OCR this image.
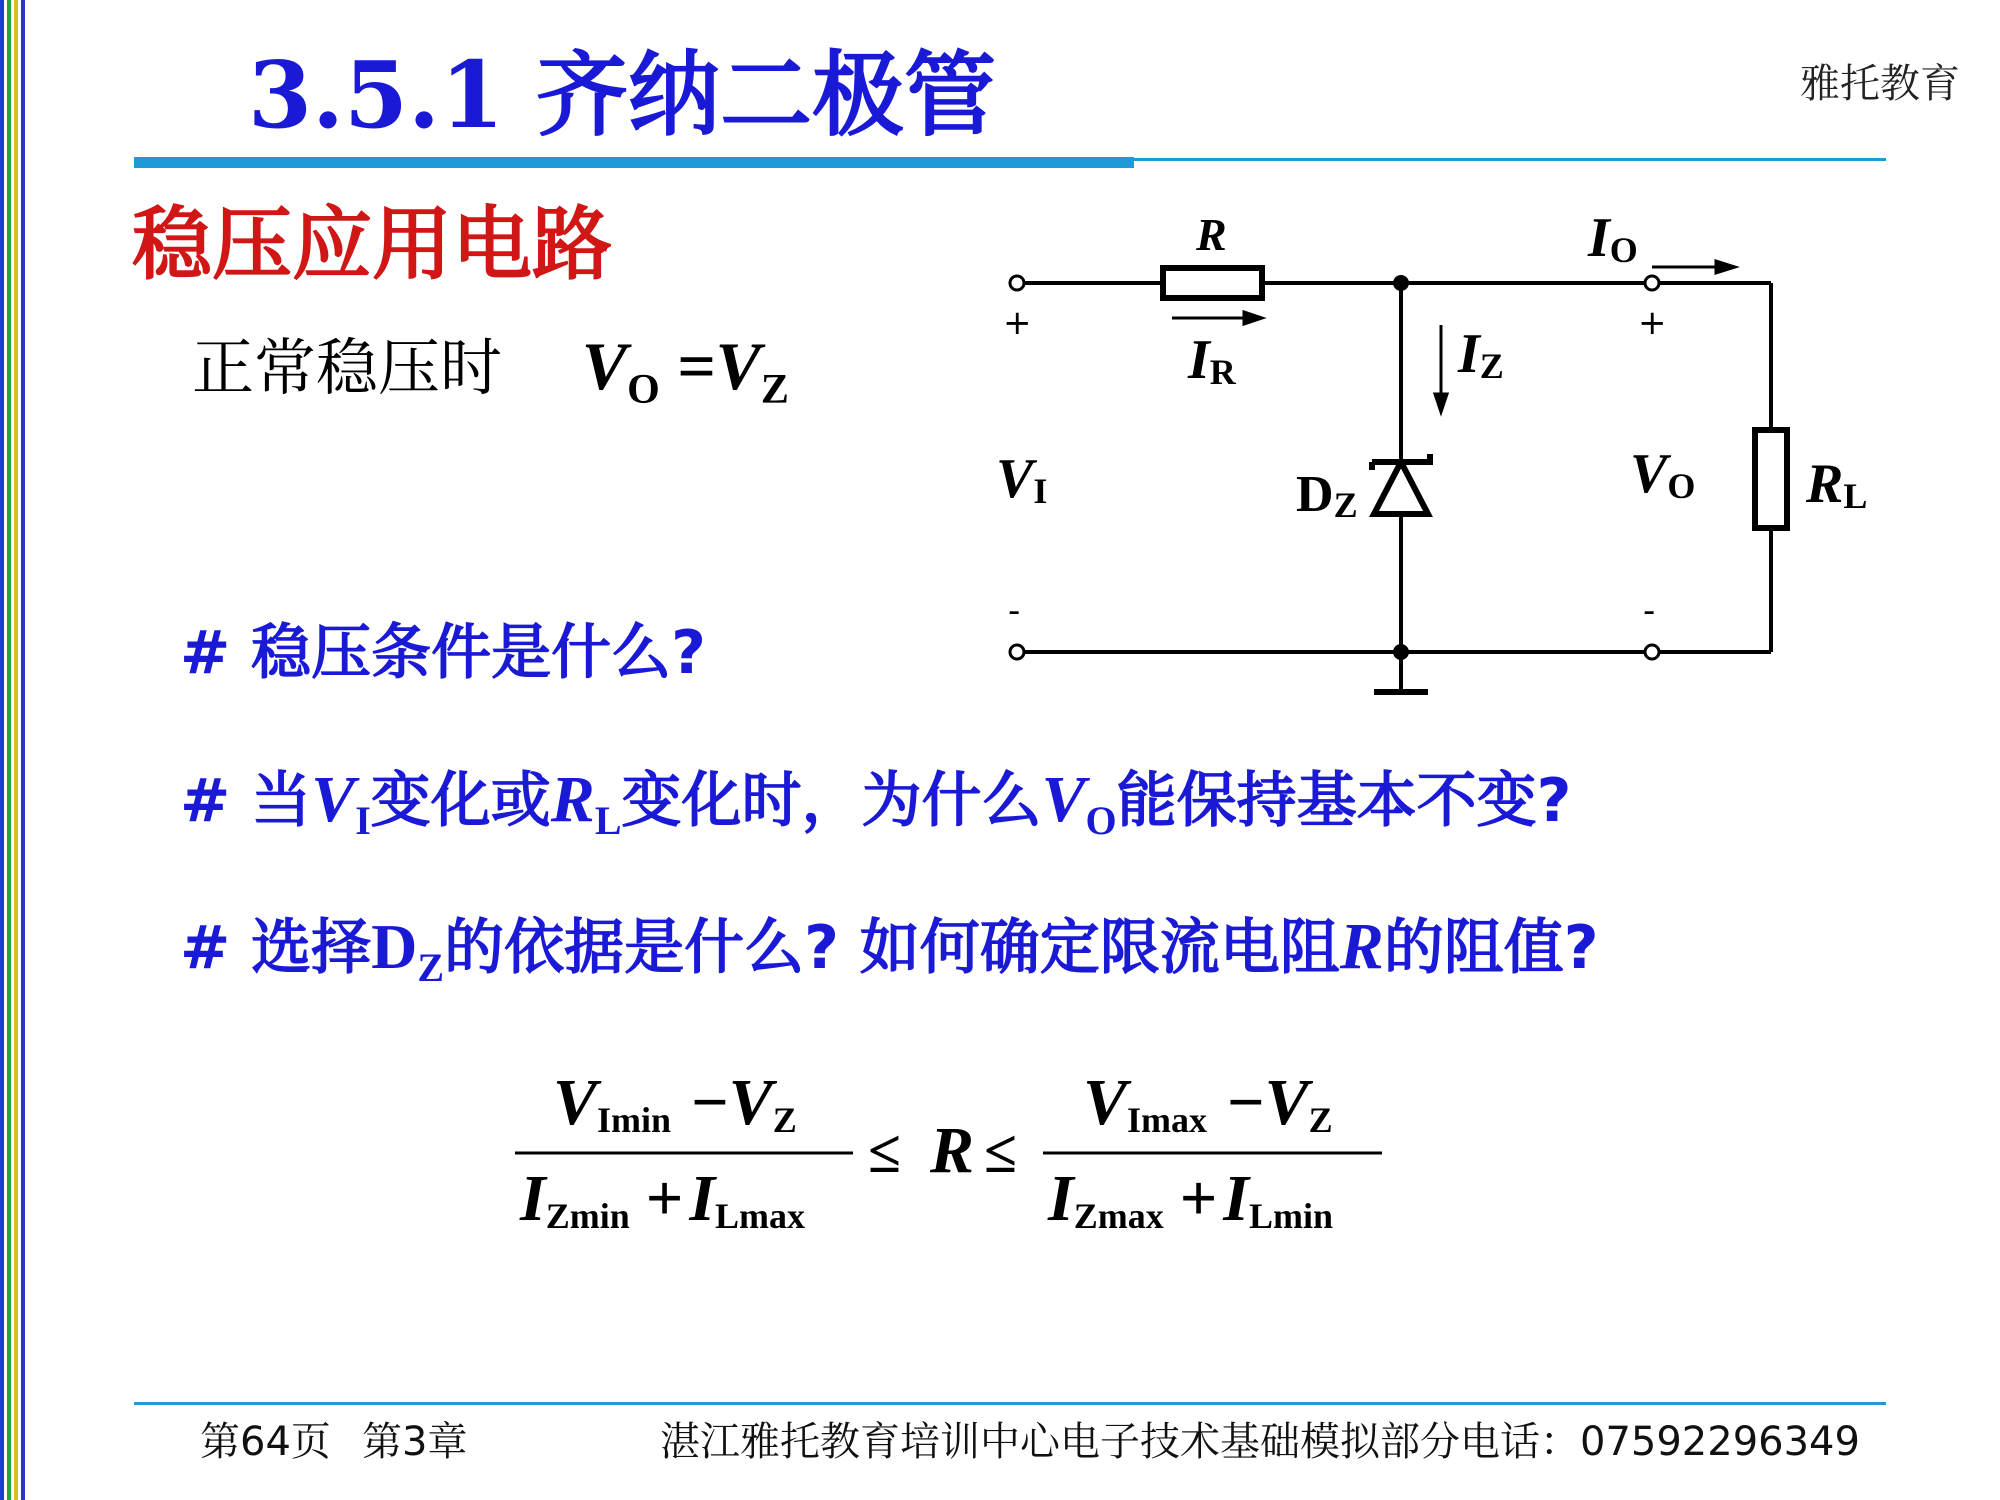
3.5.1 齐纳二极管	雅托教育
稳压应用电路
正常稳压时 $V_O =V_Z$
R
IR
IO
IZ
VI	DZ	VO RL
+	+
-	-
# 稳压条件是什么?
# 当$V_I$变化或$R_L$变化时，为什么$V_O$能保持基本不变?
# 选择$D_Z$的依据是什么? 如何确定限流电阻R的阻值?
VImin −VZ
IZmin +ILmax
≤ R ≤
VImax −VZ
IZmax +ILmin
第64页 第3章	湛江雅托教育培训中心电子技术基础模拟部分电话：07592296349
